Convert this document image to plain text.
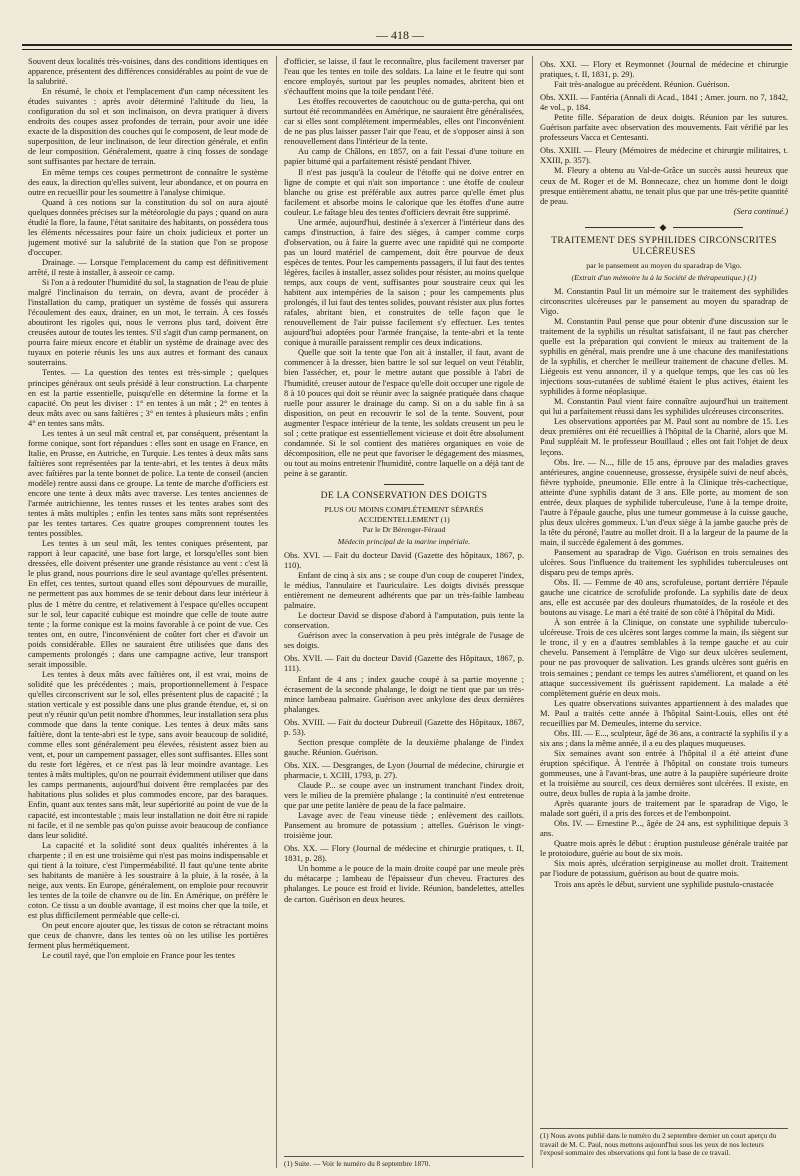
— 418 —

Souvent deux localités très-voisines, dans des conditions identiques en apparence, présentent des différences considérables au point de vue de la salubrité.

En résumé, le choix et l'emplacement d'un camp nécessitent les études suivantes : après avoir déterminé l'altitude du lieu, la configuration du sol et son inclinaison, on devra pratiquer à divers endroits des coupes assez profondes de terrain, pour avoir une idée exacte de la disposition des couches qui le composent, de leur mode de superposition, de leur inclinaison, de leur direction générale, et enfin de leur composition. Généralement, quatre à cinq fosses de sondage sont suffisantes par hectare de terrain.

En même temps ces coupes permettront de connaître le système des eaux, la direction qu'elles suivent, leur abondance, et on pourra en outre en recueillir pour les soumettre à l'analyse chimique.

Quand à ces notions sur la constitution du sol on aura ajouté quelques données précises sur la météorologie du pays ; quand on aura étudié la flore, la faune, l'état sanitaire des habitants, on possédera tous les éléments nécessaires pour faire un choix judicieux et porter un jugement motivé sur la salubrité de la station que l'on se propose d'occuper.

Drainage. — Lorsque l'emplacement du camp est définitivement arrêté, il reste à installer, à asseoir ce camp.

Si l'on a à redouter l'humidité du sol, la stagnation de l'eau de pluie malgré l'inclinaison du terrain, on devra, avant de procéder à l'installation du camp, pratiquer un système de fossés qui assurera l'écoulement des eaux, drainer, en un mot, le terrain. À ces fossés aboutiront les rigoles qui, nous le verrons plus tard, doivent être creusées autour de toutes les tentes. S'il s'agit d'un camp permanent, on pourra faire mieux encore et établir un système de drainage avec des tuyaux en poterie réunis les uns aux autres et formant des canaux souterrains.

Tentes. — La question des tentes est très-simple ; quelques principes généraux ont seuls présidé à leur construction. La charpente en est la partie essentielle, puisqu'elle en détermine la forme et la capacité. On peut les diviser : 1° en tentes à un mât ; 2° en tentes à deux mâts avec ou sans faîtières ; 3° en tentes à plusieurs mâts ; enfin 4° en tentes sans mâts.

Les tentes à un seul mât central et, par conséquent, présentant la forme conique, sont fort répandues : elles sont en usage en France, en Italie, en Prusse, en Autriche, en Turquie. Les tentes à deux mâts sans faîtières sont représentées par la tente-abri, et les tentes à deux mâts avec faîtières par la tente bonnet de police. La tente de conseil (ancien modèle) rentre aussi dans ce groupe. La tente de marche d'officiers est encore une tente à deux mâts avec traverse. Les tentes anciennes de l'armée autrichienne, les tentes russes et les tentes arabes sont des tentes à mâts multiples ; enfin les tentes sans mâts sont représentées par les tentes tartares. Ces quatre groupes comprennent toutes les tentes possibles.

Les tentes à un seul mât, les tentes coniques présentent, par rapport à leur capacité, une base fort large, et lorsqu'elles sont bien dressées, elle doivent présenter une grande résistance au vent : c'est là le plus grand, nous pourrions dire le seul avantage qu'elles présentent. En effet, ces tentes, surtout quand elles sont dépourvues de muraille, ne permettent pas aux hommes de se tenir debout dans leur intérieur à plus de 1 mètre du centre, et relativement à l'espace qu'elles occupent sur le sol, leur capacité cubique est moindre que celle de toute autre tente ; la forme conique est la moins favorable à ce point de vue. Ces tentes ont, en outre, l'inconvénient de coûter fort cher et d'avoir un poids considérable. Elles ne sauraient être utilisées que dans des campements prolongés ; dans une campagne active, leur transport serait impossible.

Les tentes à deux mâts avec faîtières ont, il est vrai, moins de solidité que les précédentes ; mais, proportionnellement à l'espace qu'elles circonscrivent sur le sol, elles présentent plus de capacité ; la station verticale y est possible dans une plus grande étendue, et, si on peut n'y réunir qu'un petit nombre d'hommes, leur installation sera plus commode que dans la tente conique. Les tentes à deux mâts sans faîtière, dont la tente-abri est le type, sans avoir beaucoup de solidité, comme elles sont généralement peu élevées, résistent assez bien au vent, et, pour un campement passager, elles sont suffisantes. Elles sont du reste fort légères, et ce n'est pas là leur moindre avantage. Les tentes à mâts multiples, qu'on ne pourrait évidemment utiliser que dans les camps permanents, aujourd'hui doivent être remplacées par des habitations plus solides et plus commodes encore, par des baraques. Enfin, quant aux tentes sans mât, leur supériorité au point de vue de la capacité, est incontestable ; mais leur installation ne doit être ni rapide ni facile, et il ne semble pas qu'on puisse avoir beaucoup de confiance dans leur solidité.

La capacité et la solidité sont deux qualités inhérentes à la charpente ; il en est une troisième qui n'est pas moins indispensable et qui tient à la toiture, c'est l'imperméabilité. Il faut qu'une tente abrite ses habitants de manière à les soustraire à la pluie, à la rosée, à la neige, aux vents. En Europe, généralement, on emploie pour recouvrir les tentes de la toile de chanvre ou de lin. En Amérique, on préfère le coton. Ce tissu a un double avantage, il est moins cher que la toile, et est plus difficilement perméable que celle-ci.

On peut encore ajouter que, les tissus de coton se rétractant moins que ceux de chanvre, dans les tentes où on les utilise les portières ferment plus hermétiquement.

Le coutil rayé, que l'on emploie en France pour les tentes

d'officier, se laisse, il faut le reconnaître, plus facilement traverser par l'eau que les tentes en toile des soldats. La laine et le feutre qui sont encore employés, surtout par les peuples nomades, abritent bien et s'échauffent moins que la toile pendant l'été.

Les étoffes recouvertes de caoutchouc ou de gutta-percha, qui ont surtout été recommandées en Amérique, ne sauraient être généralisées, car si elles sont complétement imperméables, elles ont l'inconvénient de ne pas plus laisser passer l'air que l'eau, et de s'opposer ainsi à son renouvellement dans l'intérieur de la tente.

Au camp de Châlons, en 1857, on a fait l'essai d'une toiture en papier bitumé qui a parfaitement résisté pendant l'hiver.

Il n'est pas jusqu'à la couleur de l'étoffe qui ne doive entrer en ligne de compte et qui n'ait son importance : une étoffe de couleur blanche ou grise est préférable aux autres parce qu'elle émet plus facilement et absorbe moins le calorique que les étoffes d'une autre couleur. Le faîtage bleu des tentes d'officiers devrait être supprimé.

Une armée, aujourd'hui, destinée à s'exercer à l'intérieur dans des camps d'instruction, à faire des sièges, à camper comme corps d'observation, ou à faire la guerre avec une rapidité qui ne comporte pas un lourd matériel de campement, doit être pourvue de deux espèces de tentes. Pour les campements passagers, il lui faut des tentes légères, faciles à installer, assez solides pour résister, au moins quelque temps, aux coups de vent, suffisantes pour soustraire ceux qui les habitent aux intempéries de la saison ; pour les campements plus prolongés, il lui faut des tentes solides, pouvant résister aux plus fortes rafales, abritant bien, et construites de telle façon que le renouvellement de l'air puisse facilement s'y effectuer. Les tentes aujourd'hui adoptées pour l'armée française, la tente-abri et la tente conique à muraille paraissent remplir ces deux indications.

Quelle que soit la tente que l'on ait à installer, il faut, avant de commencer à la dresser, bien battre le sol sur lequel on veut l'établir, bien l'assécher, et, pour le mettre autant que possible à l'abri de l'humidité, creuser autour de l'espace qu'elle doit occuper une rigole de 8 à 10 pouces qui doit se réunir avec la saignée pratiquée dans chaque ruelle pour assurer le drainage du camp. Si on a du sable fin à sa disposition, on peut en recouvrir le sol de la tente. Souvent, pour augmenter l'espace intérieur de la tente, les soldats creusent un peu le sol ; cette pratique est essentiellement vicieuse et doit être absolument condamnée. Si le sol contient des matières organiques en voie de décomposition, elle ne peut que favoriser le dégagement des miasmes, ou tout au moins entretenir l'humidité, contre laquelle on a déjà tant de peine à se garantir.

DE LA CONSERVATION DES DOIGTS
PLUS OU MOINS COMPLÉTEMENT SÉPARÉS ACCIDENTELLEMENT (1)
Par le Dr Bérenger-Féraud
Médecin principal de la marine impériale.

Obs. XVI. — Fait du docteur David (Gazette des hôpitaux, 1867, p. 110).

Enfant de cinq à six ans ; se coupe d'un coup de couperet l'index, le médius, l'annulaire et l'auriculaire. Les doigts divisés pressque entièrement ne demeurent adhérents que par un très-faible lambeau palmaire.

Le docteur David se dispose d'abord à l'amputation, puis tente la conservation.

Guérison avec la conservation à peu près intégrale de l'usage de ses doigts.

Obs. XVII. — Fait du docteur David (Gazette des Hôpitaux, 1867, p. 111).

Enfant de 4 ans ; index gauche coupé à sa partie moyenne ; écrasement de la seconde phalange, le doigt ne tient que par un très-mince lambeau palmaire. Guérison avec ankylose des deux dernières phalanges.

Obs. XVIII. — Fait du docteur Dubreuil (Gazette des Hôpitaux, 1867, p. 53).

Section presque complète de la deuxième phalange de l'index gauche. Réunion. Guérison.

Obs. XIX. — Desgranges, de Lyon (Journal de médecine, chirurgie et pharmacie, t. XCIII, 1793, p. 27).

Claude P... se coupe avec un instrument tranchant l'index droit, vers le milieu de la première phalange ; la continuité n'est entretenue que par une petite lanière de peau de la face palmaire.

Lavage avec de l'eau vineuse tiède ; enlèvement des caillots. Pansement au bromure de potassium ; attelles. Guérison le vingt-troisième jour.

Obs. XX. — Flory (Journal de médecine et chirurgie pratiques, t. II, 1831, p. 28).

Un homme a le pouce de la main droite coupé par une meule près du métacarpe ; lambeau de l'épaisseur d'un cheveu. Fractures des phalanges. Le pouce est froid et livide. Réunion, bandelettes, attelles de carton. Guérison en deux heures.

(1) Suite. — Voir le numéro du 8 septembre 1870.

Obs. XXI. — Flory et Reymonnet (Journal de médecine et chirurgie pratiques, t. II, 1831, p. 29).

Fait très-analogue au précédent. Réunion. Guérison.

Obs. XXII. — Fantéria (Annali di Acad., 1841 ; Amer. journ. no 7, 1842, 4e vol., p. 184.

Petite fille. Séparation de deux doigts. Réunion par les sutures. Guérison parfaite avec observation des mouvements. Fait vérifié par les professeurs Vacca et Centesanti.

Obs. XXIII. — Fleury (Mémoires de médecine et chirurgie militaires, t. XXIII, p. 357).

M. Fleury a obtenu au Val-de-Grâce un succès aussi heureux que ceux de M. Roger et de M. Bonnecaze, chez un homme dont le doigt presque entièrement abattu, ne tenait plus que par une très-petite quantité de peau.

(Sera continué.)

◆
TRAITEMENT DES SYPHILIDES CIRCONSCRITES ULCÉREUSES
par le pansement au moyen du sparadrap de Vigo.
(Extrait d'un mémoire lu à la Société de thérapeutique.) (1)

M. Constantin Paul lit un mémoire sur le traitement des syphilides circonscrites ulcéreuses par le pansement au moyen du sparadrap de Vigo.

M. Constantin Paul pense que pour obtenir d'une discussion sur le traitement de la syphilis un résultat satisfaisant, il ne faut pas chercher quelle est la préparation qui convient le mieux au traitement de la syphilis en général, mais prendre une à une chacune des manifestations de la syphilis, et chercher le meilleur traitement de chacune d'elles. M. Liégeois est venu annoncer, il y a quelque temps, que les cas où les injections sous-cutanées de sublimé étaient le plus actives, étaient les syphilides à forme néoplasique.

M. Constantin Paul vient faire connaître aujourd'hui un traitement qui lui a parfaitement réussi dans les syphilides ulcéreuses circonscrites.

Les observations apportées par M. Paul sont au nombre de 15. Les deux premières ont été recueillies à l'hôpital de la Charité, alors que M. Paul suppléait M. le professeur Bouillaud ; elles ont fait l'objet de deux leçons.

Obs. Ire. — N..., fille de 15 ans, éprouve par des maladies graves antérieures, angine couenneuse, grossesse, érysipèle suivi de neuf abcès, fièvre typhoïde, pneumonie. Elle entre à la Clinique très-cachectique, atteinte d'une syphilis datant de 3 ans. Elle porte, au moment de son entrée, deux plaques de syphilide tuberculeuse, l'une à la tempe droite, l'autre à l'épaule gauche, plus une tumeur gommeuse à la cuisse gauche, plus deux ulcères gommeux. L'un d'eux siège à la jambe gauche près de la tête du péroné, l'autre au mollet droit. Il a la largeur de la paume de la main, il succède également à des gommes.

Pansement au sparadrap de Vigo. Guérison en trois semaines des ulcères. Sous l'influence du traitement les syphilides tuberculeuses ont disparu peu de temps après.

Obs. II. — Femme de 40 ans, scrofuleuse, portant derrière l'épaule gauche une cicatrice de scrofulide profonde. La syphilis date de deux ans, elle est accusée par des douleurs rhumatoïdes, de la roséole et des boutons au visage. Le mari a été traité de son côté à l'hôpital du Midi.

À son entrée à la Clinique, on constate une syphilide tuberculo-ulcéreuse. Trois de ces ulcères sont larges comme la main, ils siègent sur le tronc, il y en a d'autres semblables à la tempe gauche et au cuir chevelu. Pansement à l'emplâtre de Vigo sur deux ulcères seulement, pour ne pas provoquer de salivation. Les grands ulcères sont guéris en trois semaines ; pendant ce temps les autres s'améliorent, et quand on les attaque successivement ils guérissent rapidement. La malade a été complètement guérie en deux mois.

Les quatre observations suivantes appartiennent à des malades que M. Paul a traités cette année à l'hôpital Saint-Louis, elles ont été recueillies par M. Demeules, interne du service.

Obs. III. — E..., sculpteur, âgé de 36 ans, a contracté la syphilis il y a six ans ; dans la même année, il a eu des plaques muqueuses.

Six semaines avant son entrée à l'hôpital il a été atteint d'une éruption spécifique. À l'entrée à l'hôpital on constate trois tumeurs gommeuses, une à l'avant-bras, une autre à la paupière supérieure droite et la troisième au sourcil, ces deux dernières sont ulcérées. Il existe, en outre, deux bulles de rupia à la jambe droite.

Après quarante jours de traitement par le sparadrap de Vigo, le malade sort guéri, il a pris des forces et de l'embonpoint.

Obs. IV. — Ernestine P..., âgée de 24 ans, est syphilitique depuis 3 ans.

Quatre mois après le début : éruption pustuleuse générale traitée par le protoiodure, guérie au bout de six mois.

Six mois après, ulcération serpigineuse au mollet droit. Traitement par l'iodure de potassium, guérison au bout de quatre mois.

Trois ans après le début, survient une syphilide pustulo-crustacée

(1) Nous avons publié dans le numéro du 2 septembre dernier un court aperçu du travail de M. C. Paul, nous mettons aujourd'hui sous les yeux de nos lecteurs l'exposé sommaire des observations qui font la base de ce travail.
